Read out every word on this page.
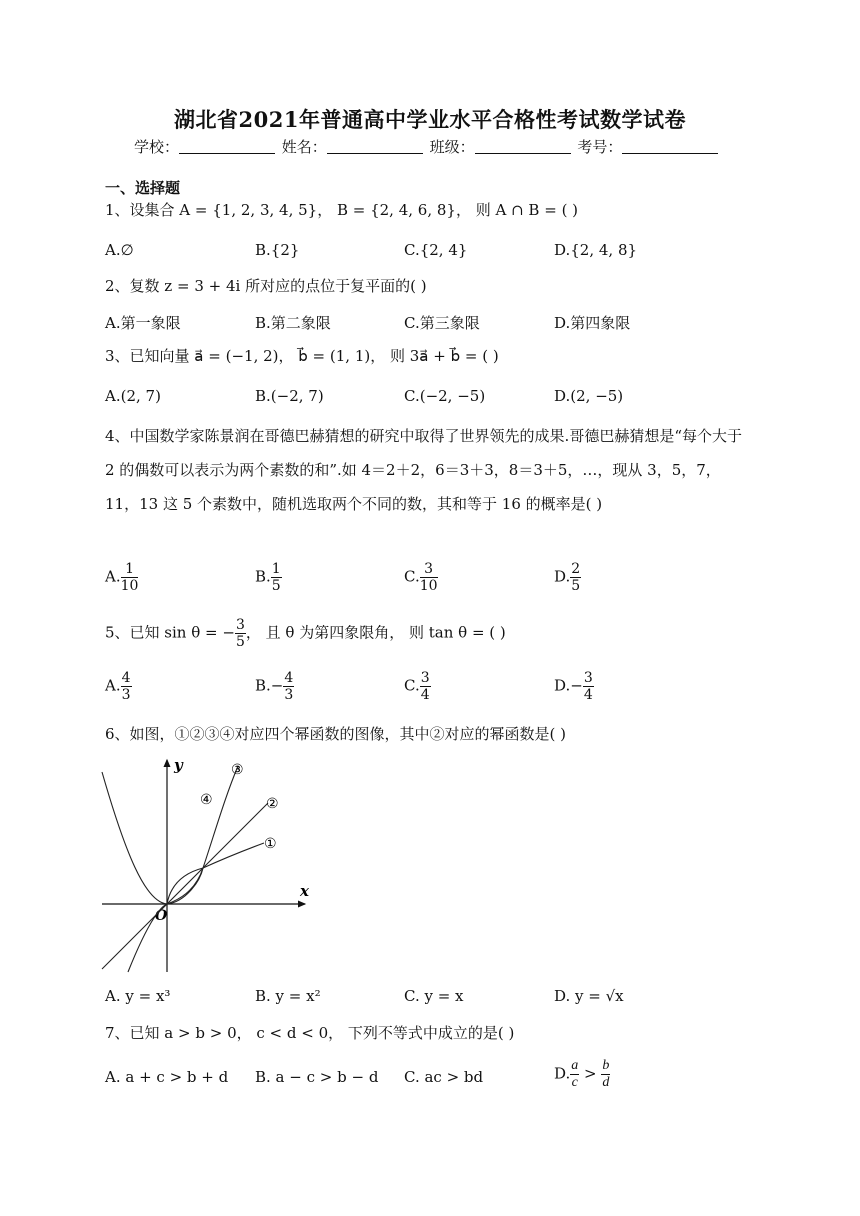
湖北省2021年普通高中学业水平合格性考试数学试卷
学校：	姓名：	班级：	考号：
一、选择题
1、设集合 A = {1, 2, 3, 4, 5}， B = {2, 4, 6, 8}， 则 A ∩ B = ( )
A.∅	B.{2}	C.{2, 4}	D.{2, 4, 8}
2、复数 z = 3 + 4i 所对应的点位于复平面的( )
A.第一象限	B.第二象限	C.第三象限	D.第四象限
3、已知向量 a⃗ = (−1, 2)， b⃗ = (1, 1)， 则 3a⃗ + b⃗ = ( )
A.(2, 7)	B.(−2, 7)	C.(−2, −5)	D.(2, −5)
4、中国数学家陈景润在哥德巴赫猜想的研究中取得了世界领先的成果.哥德巴赫猜想是“每个大于 2 的偶数可以表示为两个素数的和”.如 4＝2＋2，6＝3＋3，8＝3＋5，…，现从 3，5，7，11，13 这 5 个素数中，随机选取两个不同的数，其和等于 16 的概率是( )
A. $\frac{1}{10}$	B. $\frac{1}{5}$	C. $\frac{3}{10}$	D. $\frac{2}{5}$
5、已知 sin θ = − $\frac{3}{5}$ ， 且 θ 为第四象限角， 则 tan θ = ( )
A. $\frac{4}{3}$	$B.- \frac{4}{3}$	C. $\frac{3}{4}$	$D.- \frac{3}{4}$
6、如图，①②③④对应四个幂函数的图像，其中②对应的幂函数是( )
y
x
O
①
②
③
④
A. y = x³	B. y = x²	C. y = x	D. y = √x
7、已知 a > b > 0， c < d < 0， 下列不等式中成立的是( )
A. a + c > b + d B. a − c > b − d C. ac > bd	D. $\frac{a}{c} > \frac{b}{d}$
